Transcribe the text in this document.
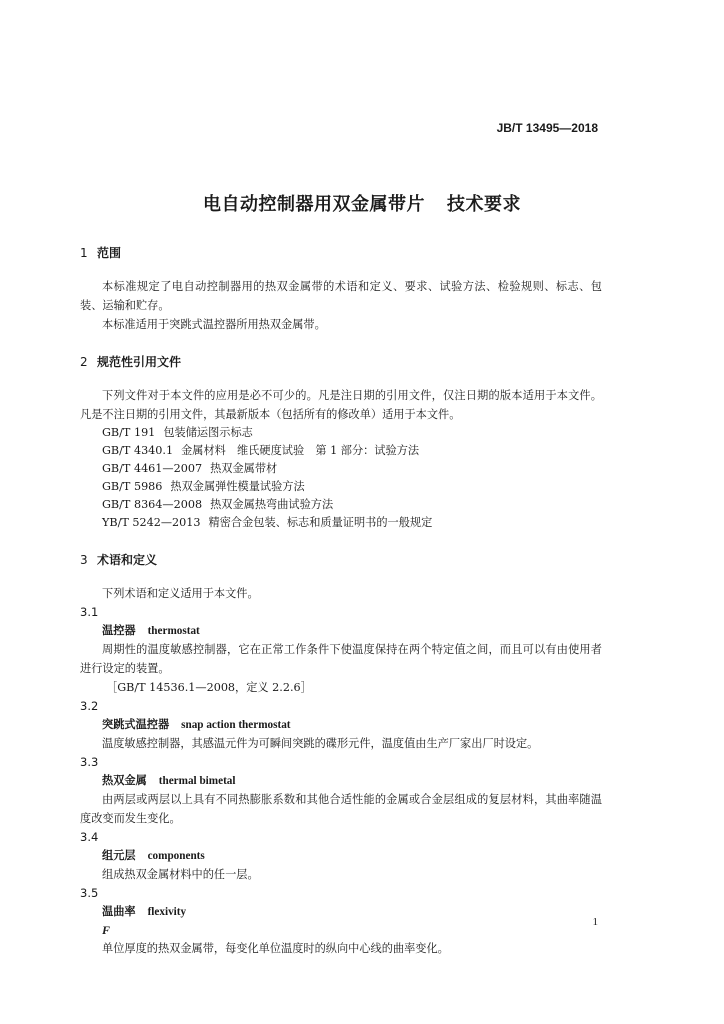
JB/T 13495—2018
电自动控制器用双金属带片 技术要求
1 范围
本标准规定了电自动控制器用的热双金属带的术语和定义、要求、试验方法、检验规则、标志、包装、运输和贮存。
本标准适用于突跳式温控器所用热双金属带。
2 规范性引用文件
下列文件对于本文件的应用是必不可少的。凡是注日期的引用文件，仅注日期的版本适用于本文件。凡是不注日期的引用文件，其最新版本（包括所有的修改单）适用于本文件。
GB/T 191 包装储运图示标志
GB/T 4340.1 金属材料　维氏硬度试验　第 1 部分：试验方法
GB/T 4461—2007 热双金属带材
GB/T 5986 热双金属弹性模量试验方法
GB/T 8364—2008 热双金属热弯曲试验方法
YB/T 5242—2013 精密合金包装、标志和质量证明书的一般规定
3 术语和定义
下列术语和定义适用于本文件。
3.1
温控器 thermostat
周期性的温度敏感控制器，它在正常工作条件下使温度保持在两个特定值之间，而且可以有由使用者进行设定的装置。
［GB/T 14536.1—2008，定义 2.2.6］
3.2
突跳式温控器 snap action thermostat
温度敏感控制器，其感温元件为可瞬间突跳的碟形元件，温度值由生产厂家出厂时设定。
3.3
热双金属 thermal bimetal
由两层或两层以上具有不同热膨胀系数和其他合适性能的金属或合金层组成的复层材料，其曲率随温度改变而发生变化。
3.4
组元层 components
组成热双金属材料中的任一层。
3.5
温曲率 flexivity
F
单位厚度的热双金属带，每变化单位温度时的纵向中心线的曲率变化。
1
